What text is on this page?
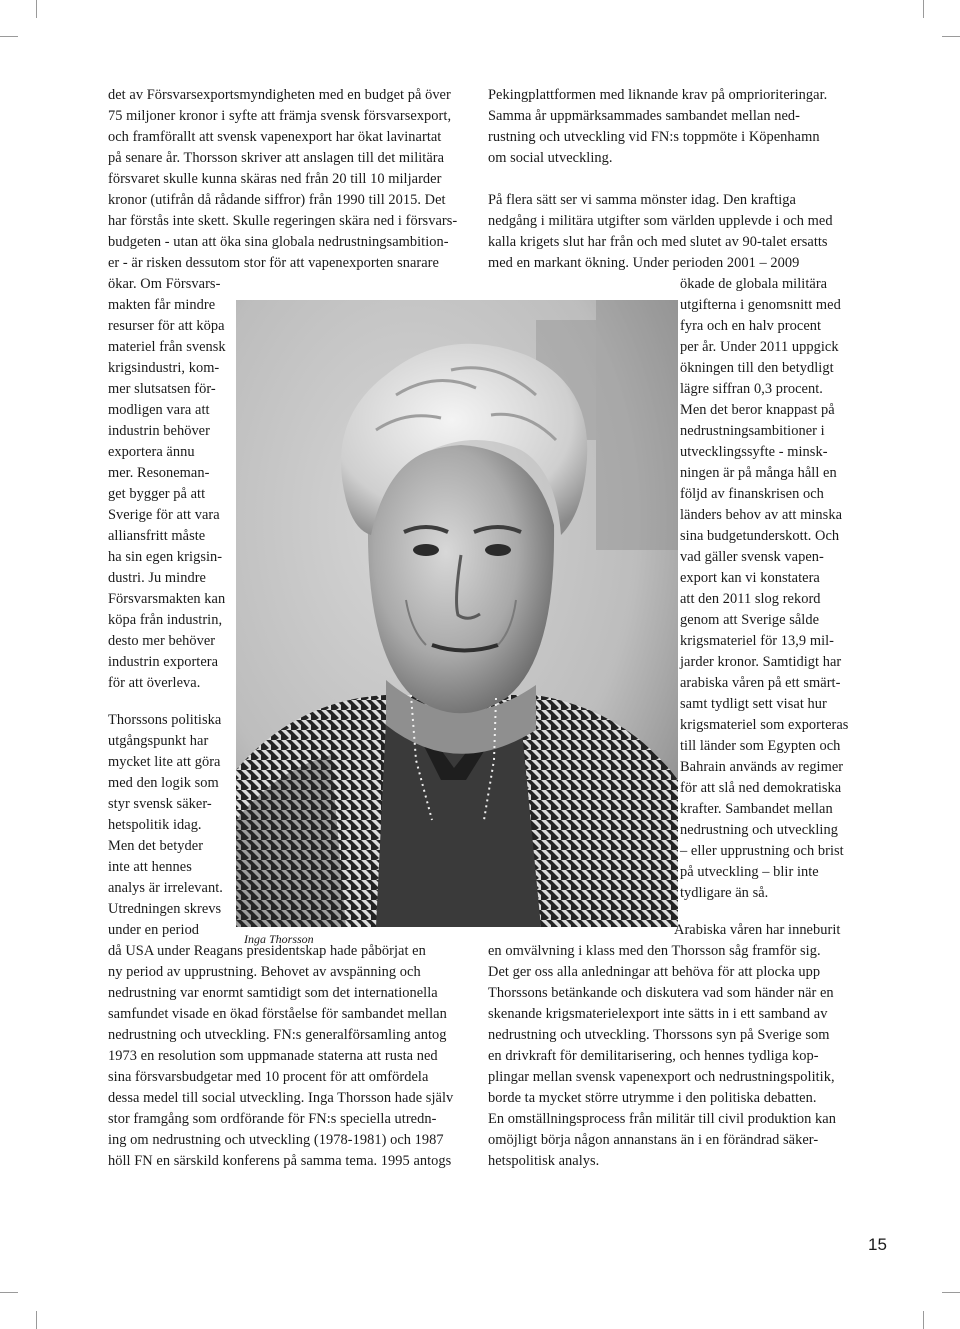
Inga Thorsson
det av Försvarsexportsmyndigheten med en budget på över
75 miljoner kronor i syfte att främja svensk försvarsexport,
och framförallt att svensk vapenexport har ökat lavinartat
på senare år. Thorsson skriver att anslagen till det militära
försvaret skulle kunna skäras ned från 20 till 10 miljarder
kronor (utifrån då rådande siffror) från 1990 till 2015. Det
har förstås inte skett. Skulle regeringen skära ned i försvars-
budgeten - utan att öka sina globala nedrustningsambition-
er - är risken dessutom stor för att vapenexporten snarare
ökar. Om Försvars-
makten får mindre
resurser för att köpa
materiel från svensk
krigsindustri, kom-
mer slutsatsen för-
modligen vara att
industrin behöver
exportera ännu
mer. Resoneman-
get bygger på att
Sverige för att vara
alliansfritt måste
ha sin egen krigsin-
dustri. Ju mindre
Försvarsmakten kan
köpa från industrin,
desto mer behöver
industrin exportera
för att överleva.
Thorssons politiska
utgångspunkt har
mycket lite att göra
med den logik som
styr svensk säker-
hetspolitik idag.
Men det betyder
inte att hennes
analys är irrelevant.
Utredningen skrevs
under en period
då USA under Reagans presidentskap hade påbörjat en
ny period av upprustning. Behovet av avspänning och
nedrustning var enormt samtidigt som det internationella
samfundet visade en ökad förståelse för sambandet mellan
nedrustning och utveckling. FN:s generalförsamling antog
1973 en resolution som uppmanade staterna att rusta ned
sina försvarsbudgetar med 10 procent för att omfördela
dessa medel till social utveckling. Inga Thorsson hade själv
stor framgång som ordförande för FN:s speciella utredn-
ing om nedrustning och utveckling (1978-1981) och 1987
höll FN en särskild konferens på samma tema. 1995 antogs
Pekingplattformen med liknande krav på omprioriteringar.
Samma år uppmärksammades sambandet mellan ned-
rustning och utveckling vid FN:s toppmöte i Köpenhamn
om social utveckling.
På flera sätt ser vi samma mönster idag. Den kraftiga
nedgång i militära utgifter som världen upplevde i och med
kalla krigets slut har från och med slutet av 90-talet ersatts
med en markant ökning. Under perioden 2001 – 2009
ökade de globala militära
utgifterna i genomsnitt med
fyra och en halv procent
per år. Under 2011 uppgick
ökningen till den betydligt
lägre siffran 0,3 procent.
Men det beror knappast på
nedrustningsambitioner i
utvecklingssyfte - minsk-
ningen är på många håll en
följd av finanskrisen och
länders behov av att minska
sina budgetunderskott. Och
vad gäller svensk vapen-
export kan vi konstatera
att den 2011 slog rekord
genom att Sverige sålde
krigsmateriel för 13,9 mil-
jarder kronor. Samtidigt har
arabiska våren på ett smärt-
samt tydligt sett visat hur
krigsmateriel som exporteras
till länder som Egypten och
Bahrain används av regimer
för att slå ned demokratiska
krafter. Sambandet mellan
nedrustning och utveckling
– eller upprustning och brist
på utveckling – blir inte
tydligare än så.
Arabiska våren har inneburit
en omvälvning i klass med den Thorsson såg framför sig.
Det ger oss alla anledningar att behöva för att plocka upp
Thorssons betänkande och diskutera vad som händer när en
skenande krigsmaterielexport inte sätts in i ett samband av
nedrustning och utveckling. Thorssons syn på Sverige som
en drivkraft för demilitarisering, och hennes tydliga kop-
plingar mellan svensk vapenexport och nedrustningspolitik,
borde ta mycket större utrymme i den politiska debatten.
En omställningsprocess från militär till civil produktion kan
omöjligt börja någon annanstans än i en förändrad säker-
hetspolitisk analys.
15
